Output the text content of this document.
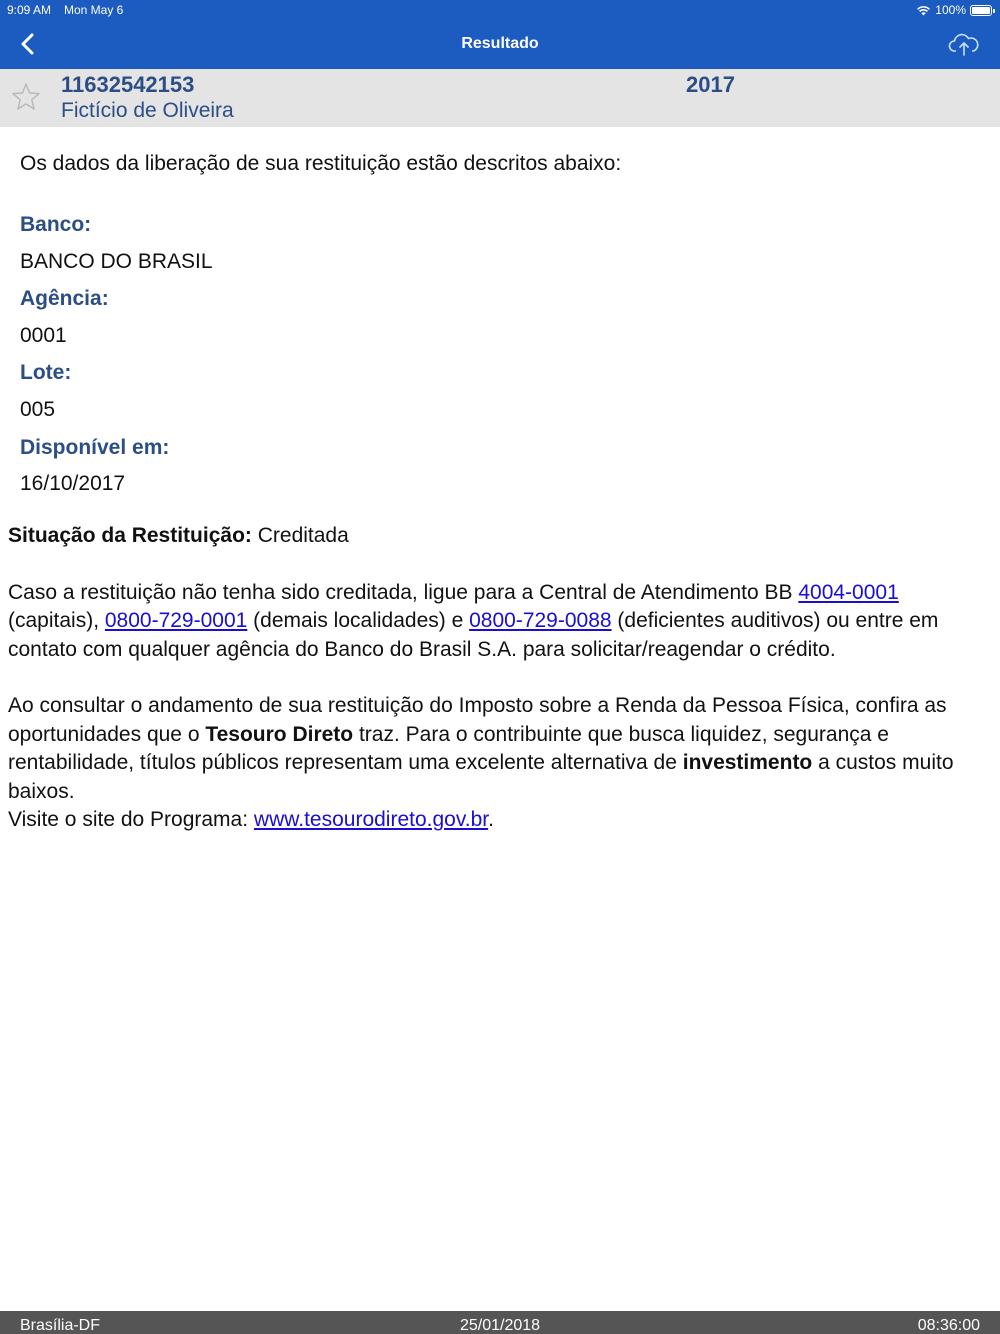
9:09 AM Mon May 6	100%
Resultado
11632542153
Fictício de Oliveira
2017
Os dados da liberação de sua restituição estão descritos abaixo:
Banco:
BANCO DO BRASIL
Agência:
0001
Lote:
005
Disponível em:
16/10/2017

Situação da Restituição: Creditada

Caso a restituição não tenha sido creditada, ligue para a Central de Atendimento BB 4004-0001 (capitais), 0800-729-0001 (demais localidades) e 0800-729-0088 (deficientes auditivos) ou entre em contato com qualquer agência do Banco do Brasil S.A. para solicitar/reagendar o crédito.

Ao consultar o andamento de sua restituição do Imposto sobre a Renda da Pessoa Física, confira as oportunidades que o Tesouro Direto traz. Para o contribuinte que busca liquidez, segurança e rentabilidade, títulos públicos representam uma excelente alternativa de investimento a custos muito baixos.

Visite o site do Programa: www.tesourodireto.gov.br.

Brasília-DF	25/01/2018	08:36:00
